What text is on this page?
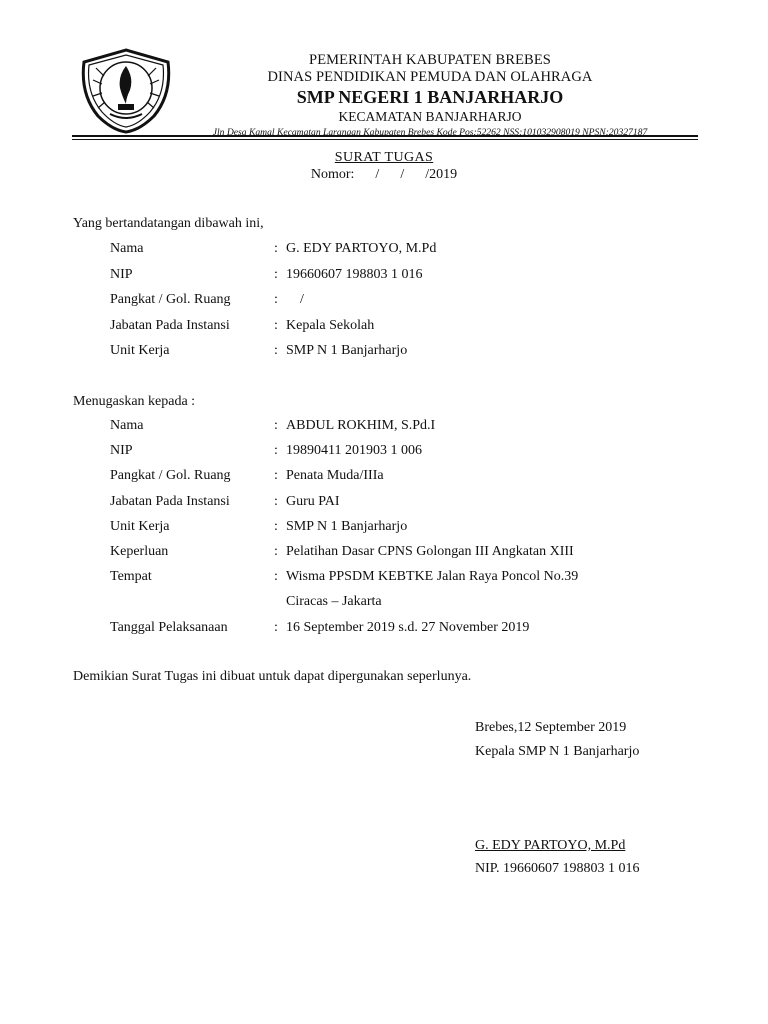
PEMERINTAH KABUPATEN BREBES
DINAS PENDIDIKAN PEMUDA DAN OLAHRAGA
SMP NEGERI 1 BANJARHARJO
KECAMATAN BANJARHARJO
Jln Desa Kamal Kecamatan Larangan Kabupaten Brebes Kode Pos:52262 NSS:101032908019 NPSN:20327187
SURAT TUGAS
Nomor:      /      /      /2019
Yang bertandatangan dibawah ini,
Nama	: G. EDY PARTOYO, M.Pd
NIP	: 19660607 198803 1 016
Pangkat / Gol. Ruang	: /
Jabatan Pada Instansi	: Kepala Sekolah
Unit Kerja	: SMP N 1 Banjarharjo
Menugaskan kepada :
Nama	: ABDUL ROKHIM, S.Pd.I
NIP	: 19890411 201903 1 006
Pangkat / Gol. Ruang	: Penata Muda/IIIa
Jabatan Pada Instansi	: Guru PAI
Unit Kerja	: SMP N 1 Banjarharjo
Keperluan	: Pelatihan Dasar CPNS Golongan III Angkatan XIII
Tempat	: Wisma PPSDM KEBTKE Jalan Raya Poncol No.39
Ciracas – Jakarta
Tanggal Pelaksanaan	: 16 September 2019 s.d. 27 November 2019
Demikian Surat Tugas ini dibuat untuk dapat dipergunakan seperlunya.
Brebes,12 September 2019
Kepala SMP N 1 Banjarharjo
G. EDY PARTOYO, M.Pd
NIP. 19660607 198803 1 016
